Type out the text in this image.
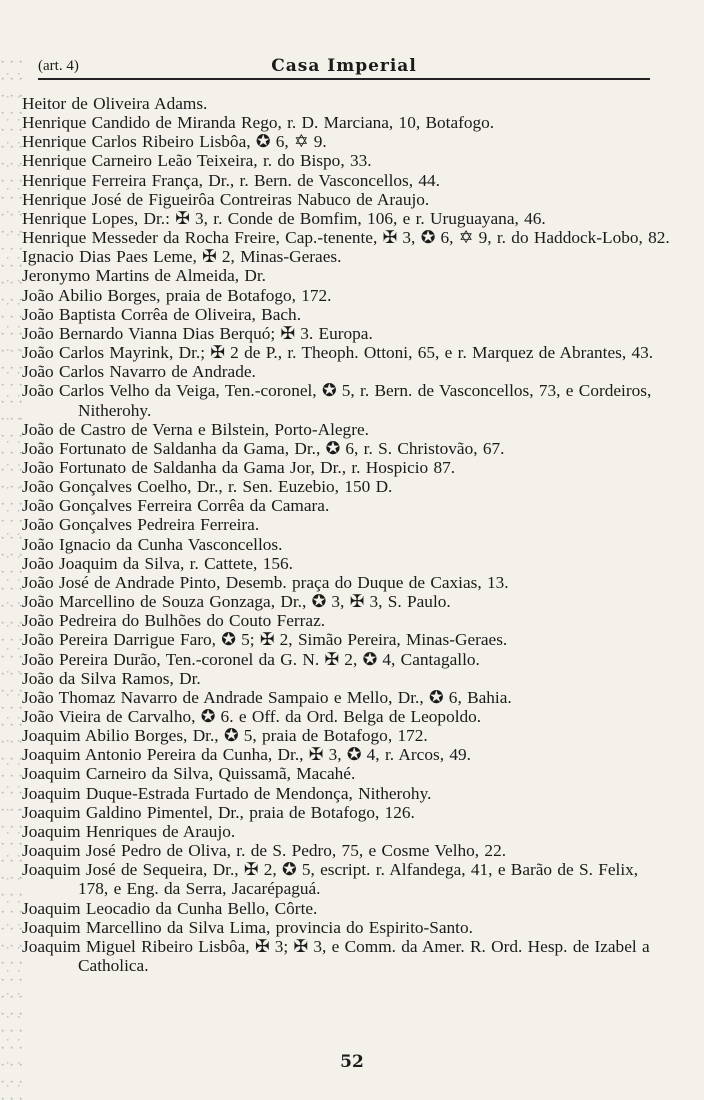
(art. 4)	Casa Imperial
Heitor de Oliveira Adams.
Henrique Candido de Miranda Rego, r. D. Marciana, 10, Botafogo.
Henrique Carlos Ribeiro Lisbôa, ✪ 6, ✡ 9.
Henrique Carneiro Leão Teixeira, r. do Bispo, 33.
Henrique Ferreira França, Dr., r. Bern. de Vasconcellos, 44.
Henrique José de Figueirôa Contreiras Nabuco de Araujo.
Henrique Lopes, Dr.: ✠ 3, r. Conde de Bomfim, 106, e r. Uruguayana, 46.
Henrique Messeder da Rocha Freire, Cap.-tenente, ✠ 3, ✪ 6, ✡ 9, r. do Haddock-Lobo, 82.
Ignacio Dias Paes Leme, ✠ 2, Minas-Geraes.
Jeronymo Martins de Almeida, Dr.
João Abilio Borges, praia de Botafogo, 172.
João Baptista Corrêa de Oliveira, Bach.
João Bernardo Vianna Dias Berquó; ✠ 3. Europa.
João Carlos Mayrink, Dr.; ✠ 2 de P., r. Theoph. Ottoni, 65, e r. Marquez de Abrantes, 43.
João Carlos Navarro de Andrade.
João Carlos Velho da Veiga, Ten.-coronel, ✪ 5, r. Bern. de Vasconcellos, 73, e Cordeiros, Nitherohy.
João de Castro de Verna e Bilstein, Porto-Alegre.
João Fortunato de Saldanha da Gama, Dr., ✪ 6, r. S. Christovão, 67.
João Fortunato de Saldanha da Gama Jor, Dr., r. Hospicio 87.
João Gonçalves Coelho, Dr., r. Sen. Euzebio, 150 D.
João Gonçalves Ferreira Corrêa da Camara.
João Gonçalves Pedreira Ferreira.
João Ignacio da Cunha Vasconcellos.
João Joaquim da Silva, r. Cattete, 156.
João José de Andrade Pinto, Desemb. praça do Duque de Caxias, 13.
João Marcellino de Souza Gonzaga, Dr., ✪ 3, ✠ 3, S. Paulo.
João Pedreira do Bulhões do Couto Ferraz.
João Pereira Darrigue Faro, ✪ 5; ✠ 2, Simão Pereira, Minas-Geraes.
João Pereira Durão, Ten.-coronel da G. N. ✠ 2, ✪ 4, Cantagallo.
João da Silva Ramos, Dr.
João Thomaz Navarro de Andrade Sampaio e Mello, Dr., ✪ 6, Bahia.
João Vieira de Carvalho, ✪ 6. e Off. da Ord. Belga de Leopoldo.
Joaquim Abilio Borges, Dr., ✪ 5, praia de Botafogo, 172.
Joaquim Antonio Pereira da Cunha, Dr., ✠ 3, ✪ 4, r. Arcos, 49.
Joaquim Carneiro da Silva, Quissamã, Macahé.
Joaquim Duque-Estrada Furtado de Mendonça, Nitherohy.
Joaquim Galdino Pimentel, Dr., praia de Botafogo, 126.
Joaquim Henriques de Araujo.
Joaquim José Pedro de Oliva, r. de S. Pedro, 75, e Cosme Velho, 22.
Joaquim José de Sequeira, Dr., ✠ 2, ✪ 5, escript. r. Alfandega, 41, e Barão de S. Felix, 178, e Eng. da Serra, Jacarépaguá.
Joaquim Leocadio da Cunha Bello, Côrte.
Joaquim Marcellino da Silva Lima, provincia do Espirito-Santo.
Joaquim Miguel Ribeiro Lisbôa, ✠ 3; ✠ 3, e Comm. da Amer. R. Ord. Hesp. de Izabel a Catholica.
52
